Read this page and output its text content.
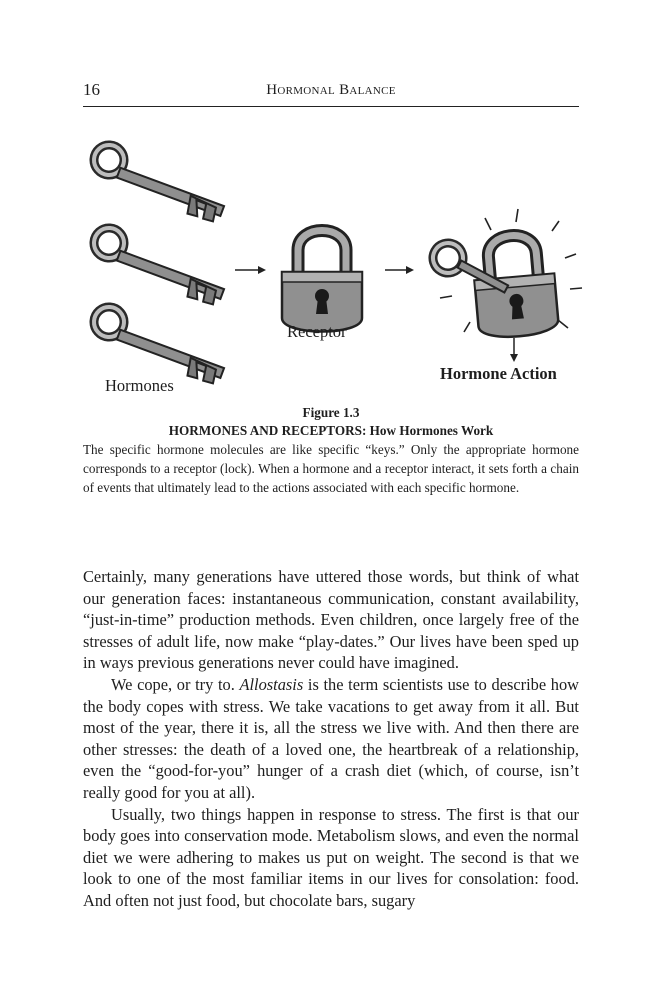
16	Hormonal Balance
Receptor
Hormones
Hormone Action
Figure 1.3
HORMONES AND RECEPTORS: How Hormones Work
The specific hormone molecules are like specific “keys.” Only the appropriate hormone corresponds to a receptor (lock). When a hormone and a receptor interact, it sets forth a chain of events that ultimately lead to the actions associated with each specific hormone.

Certainly, many generations have uttered those words, but think of what our generation faces: instantaneous communication, constant availability, “just-in-time” production methods. Even children, once largely free of the stresses of adult life, now make “play-dates.” Our lives have been sped up in ways previous generations never could have imagined.

We cope, or try to. Allostasis is the term scientists use to describe how the body copes with stress. We take vacations to get away from it all. But most of the year, there it is, all the stress we live with. And then there are other stresses: the death of a loved one, the heartbreak of a relationship, even the “good-for-you” hunger of a crash diet (which, of course, isn’t really good for you at all).

Usually, two things happen in response to stress. The first is that our body goes into conservation mode. Metabolism slows, and even the normal diet we were adhering to makes us put on weight. The second is that we look to one of the most familiar items in our lives for consolation: food. And often not just food, but chocolate bars, sugary
